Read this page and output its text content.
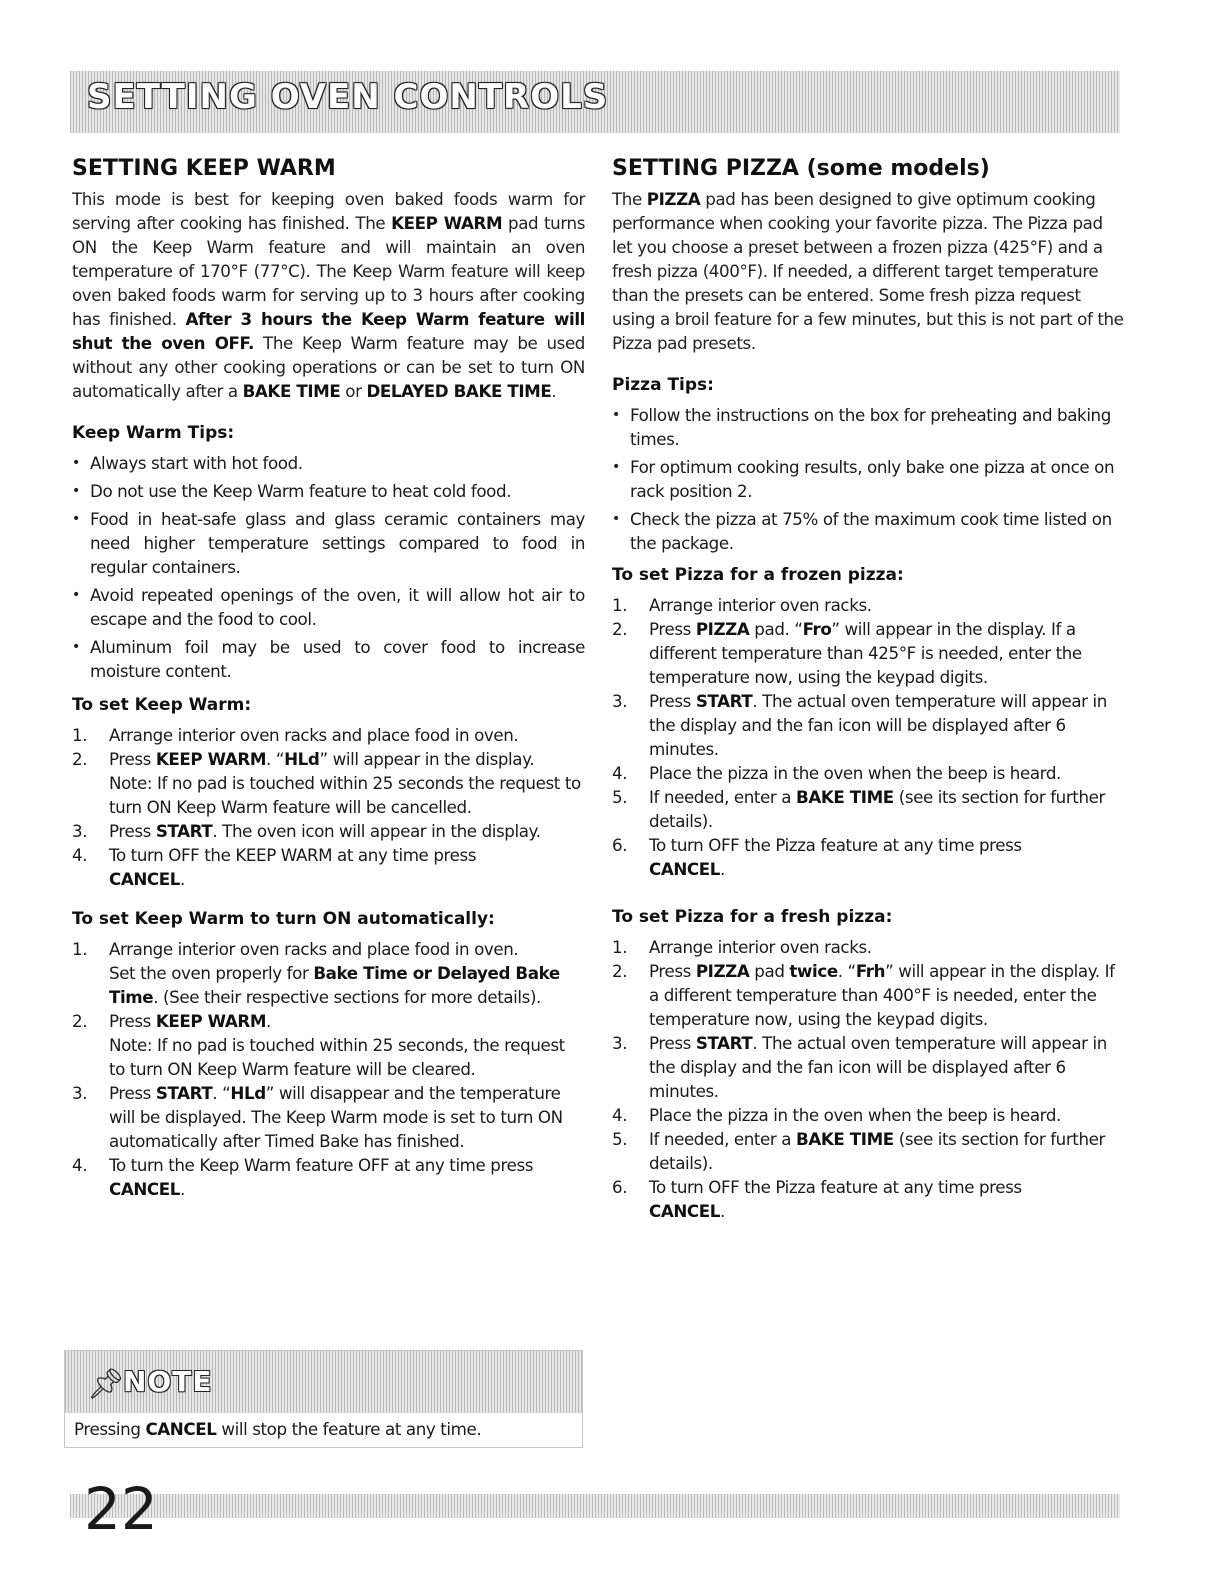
SETTING OVEN CONTROLS
SETTING KEEP WARM

This mode is best for keeping oven baked foods warm for serving after cooking has finished. The KEEP WARM pad turns ON the Keep Warm feature and will maintain an oven temperature of 170°F (77°C). The Keep Warm feature will keep oven baked foods warm for serving up to 3 hours after cooking has finished. After 3 hours the Keep Warm feature will shut the oven OFF. The Keep Warm feature may be used without any other cooking operations or can be set to turn ON automatically after a BAKE TIME or DELAYED BAKE TIME.

Keep Warm Tips:
• Always start with hot food.
• Do not use the Keep Warm feature to heat cold food.
• Food in heat-safe glass and glass ceramic containers may need higher temperature settings compared to food in regular containers.
• Avoid repeated openings of the oven, it will allow hot air to escape and the food to cool.
• Aluminum foil may be used to cover food to increase moisture content.
To set Keep Warm:
1. Arrange interior oven racks and place food in oven.
2. Press KEEP WARM. “HLd” will appear in the display.
Note: If no pad is touched within 25 seconds the request to turn ON Keep Warm feature will be cancelled.
3. Press START. The oven icon will appear in the display.
4. To turn OFF the KEEP WARM at any time press
CANCEL.
To set Keep Warm to turn ON automatically:
1. Arrange interior oven racks and place food in oven.
Set the oven properly for Bake Time or Delayed Bake Time. (See their respective sections for more details).
2. Press KEEP WARM.
Note: If no pad is touched within 25 seconds, the request to turn ON Keep Warm feature will be cleared.
3. Press START. “HLd” will disappear and the temperature will be displayed. The Keep Warm mode is set to turn ON automatically after Timed Bake has finished.
4. To turn the Keep Warm feature OFF at any time press
CANCEL.
📌︎
NOTE
Pressing CANCEL will stop the feature at any time.
SETTING PIZZA (some models)

The PIZZA pad has been designed to give optimum cooking performance when cooking your favorite pizza. The Pizza pad let you choose a preset between a frozen pizza (425°F) and a fresh pizza (400°F). If needed, a different target temperature than the presets can be entered. Some fresh pizza request using a broil feature for a few minutes, but this is not part of the Pizza pad presets.

Pizza Tips:
• Follow the instructions on the box for preheating and baking times.
• For optimum cooking results, only bake one pizza at once on rack position 2.
• Check the pizza at 75% of the maximum cook time listed on the package.
To set Pizza for a frozen pizza:
1. Arrange interior oven racks.
2. Press PIZZA pad. “Fro” will appear in the display. If a different temperature than 425°F is needed, enter the temperature now, using the keypad digits.
3. Press START. The actual oven temperature will appear in the display and the fan icon will be displayed after 6 minutes.
4. Place the pizza in the oven when the beep is heard.
5. If needed, enter a BAKE TIME (see its section for further details).
6. To turn OFF the Pizza feature at any time press
CANCEL.
To set Pizza for a fresh pizza:
1. Arrange interior oven racks.
2. Press PIZZA pad twice. “Frh” will appear in the display. If a different temperature than 400°F is needed, enter the temperature now, using the keypad digits.
3. Press START. The actual oven temperature will appear in the display and the fan icon will be displayed after 6 minutes.
4. Place the pizza in the oven when the beep is heard.
5. If needed, enter a BAKE TIME (see its section for further details).
6. To turn OFF the Pizza feature at any time press
CANCEL.
22
